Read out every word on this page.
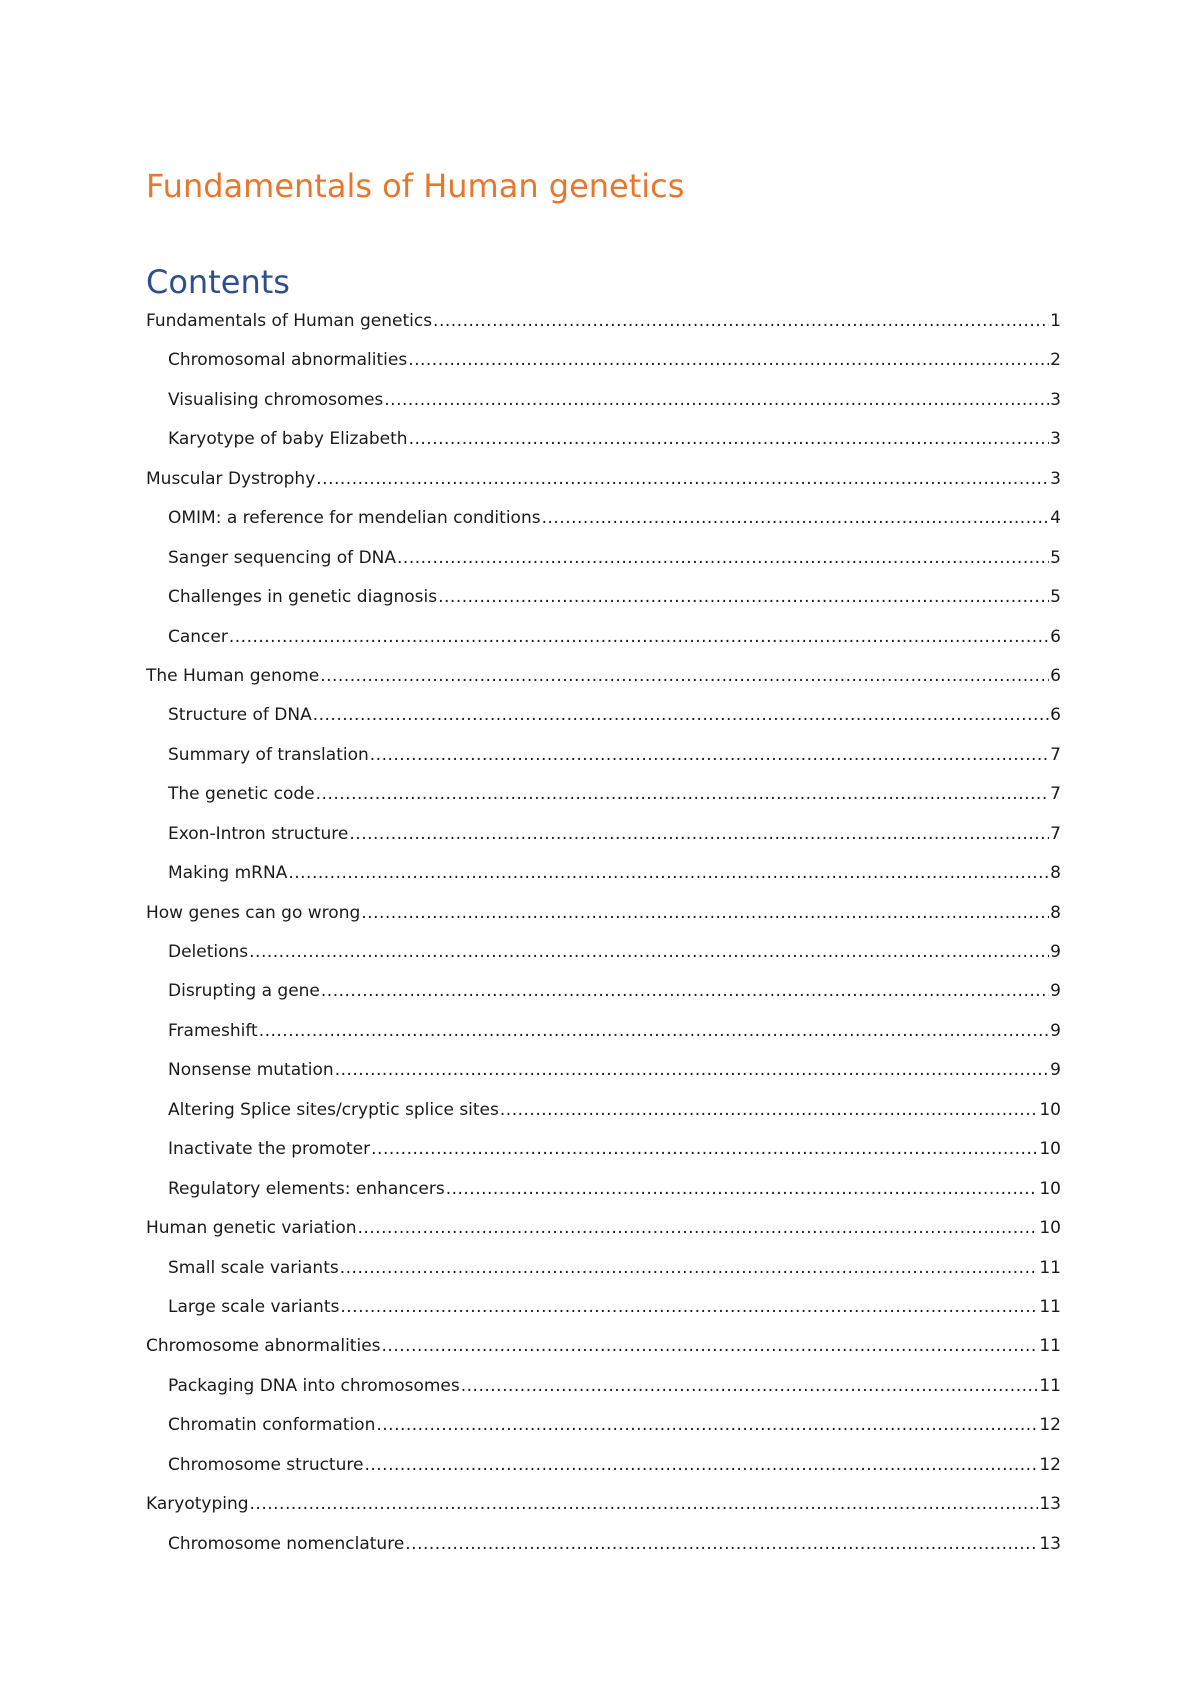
Fundamentals of Human genetics
Contents
Fundamentals of Human genetics .....	1
Chromosomal abnormalities .....	2
Visualising chromosomes .....	3
Karyotype of baby Elizabeth .....	3
Muscular Dystrophy .....	3
OMIM: a reference for mendelian conditions .....	4
Sanger sequencing of DNA .....	5
Challenges in genetic diagnosis .....	5
Cancer .....	6
The Human genome .....	6
Structure of DNA .....	6
Summary of translation .....	7
The genetic code .....	7
Exon-Intron structure .....	7
Making mRNA .....	8
How genes can go wrong .....	8
Deletions .....	9
Disrupting a gene .....	9
Frameshift .....	9
Nonsense mutation .....	9
Altering Splice sites/cryptic splice sites .....	10
Inactivate the promoter .....	10
Regulatory elements: enhancers .....	10
Human genetic variation .....	10
Small scale variants .....	11
Large scale variants .....	11
Chromosome abnormalities .....	11
Packaging DNA into chromosomes .....	11
Chromatin conformation .....	12
Chromosome structure .....	12
Karyotyping .....	13
Chromosome nomenclature .....	13
